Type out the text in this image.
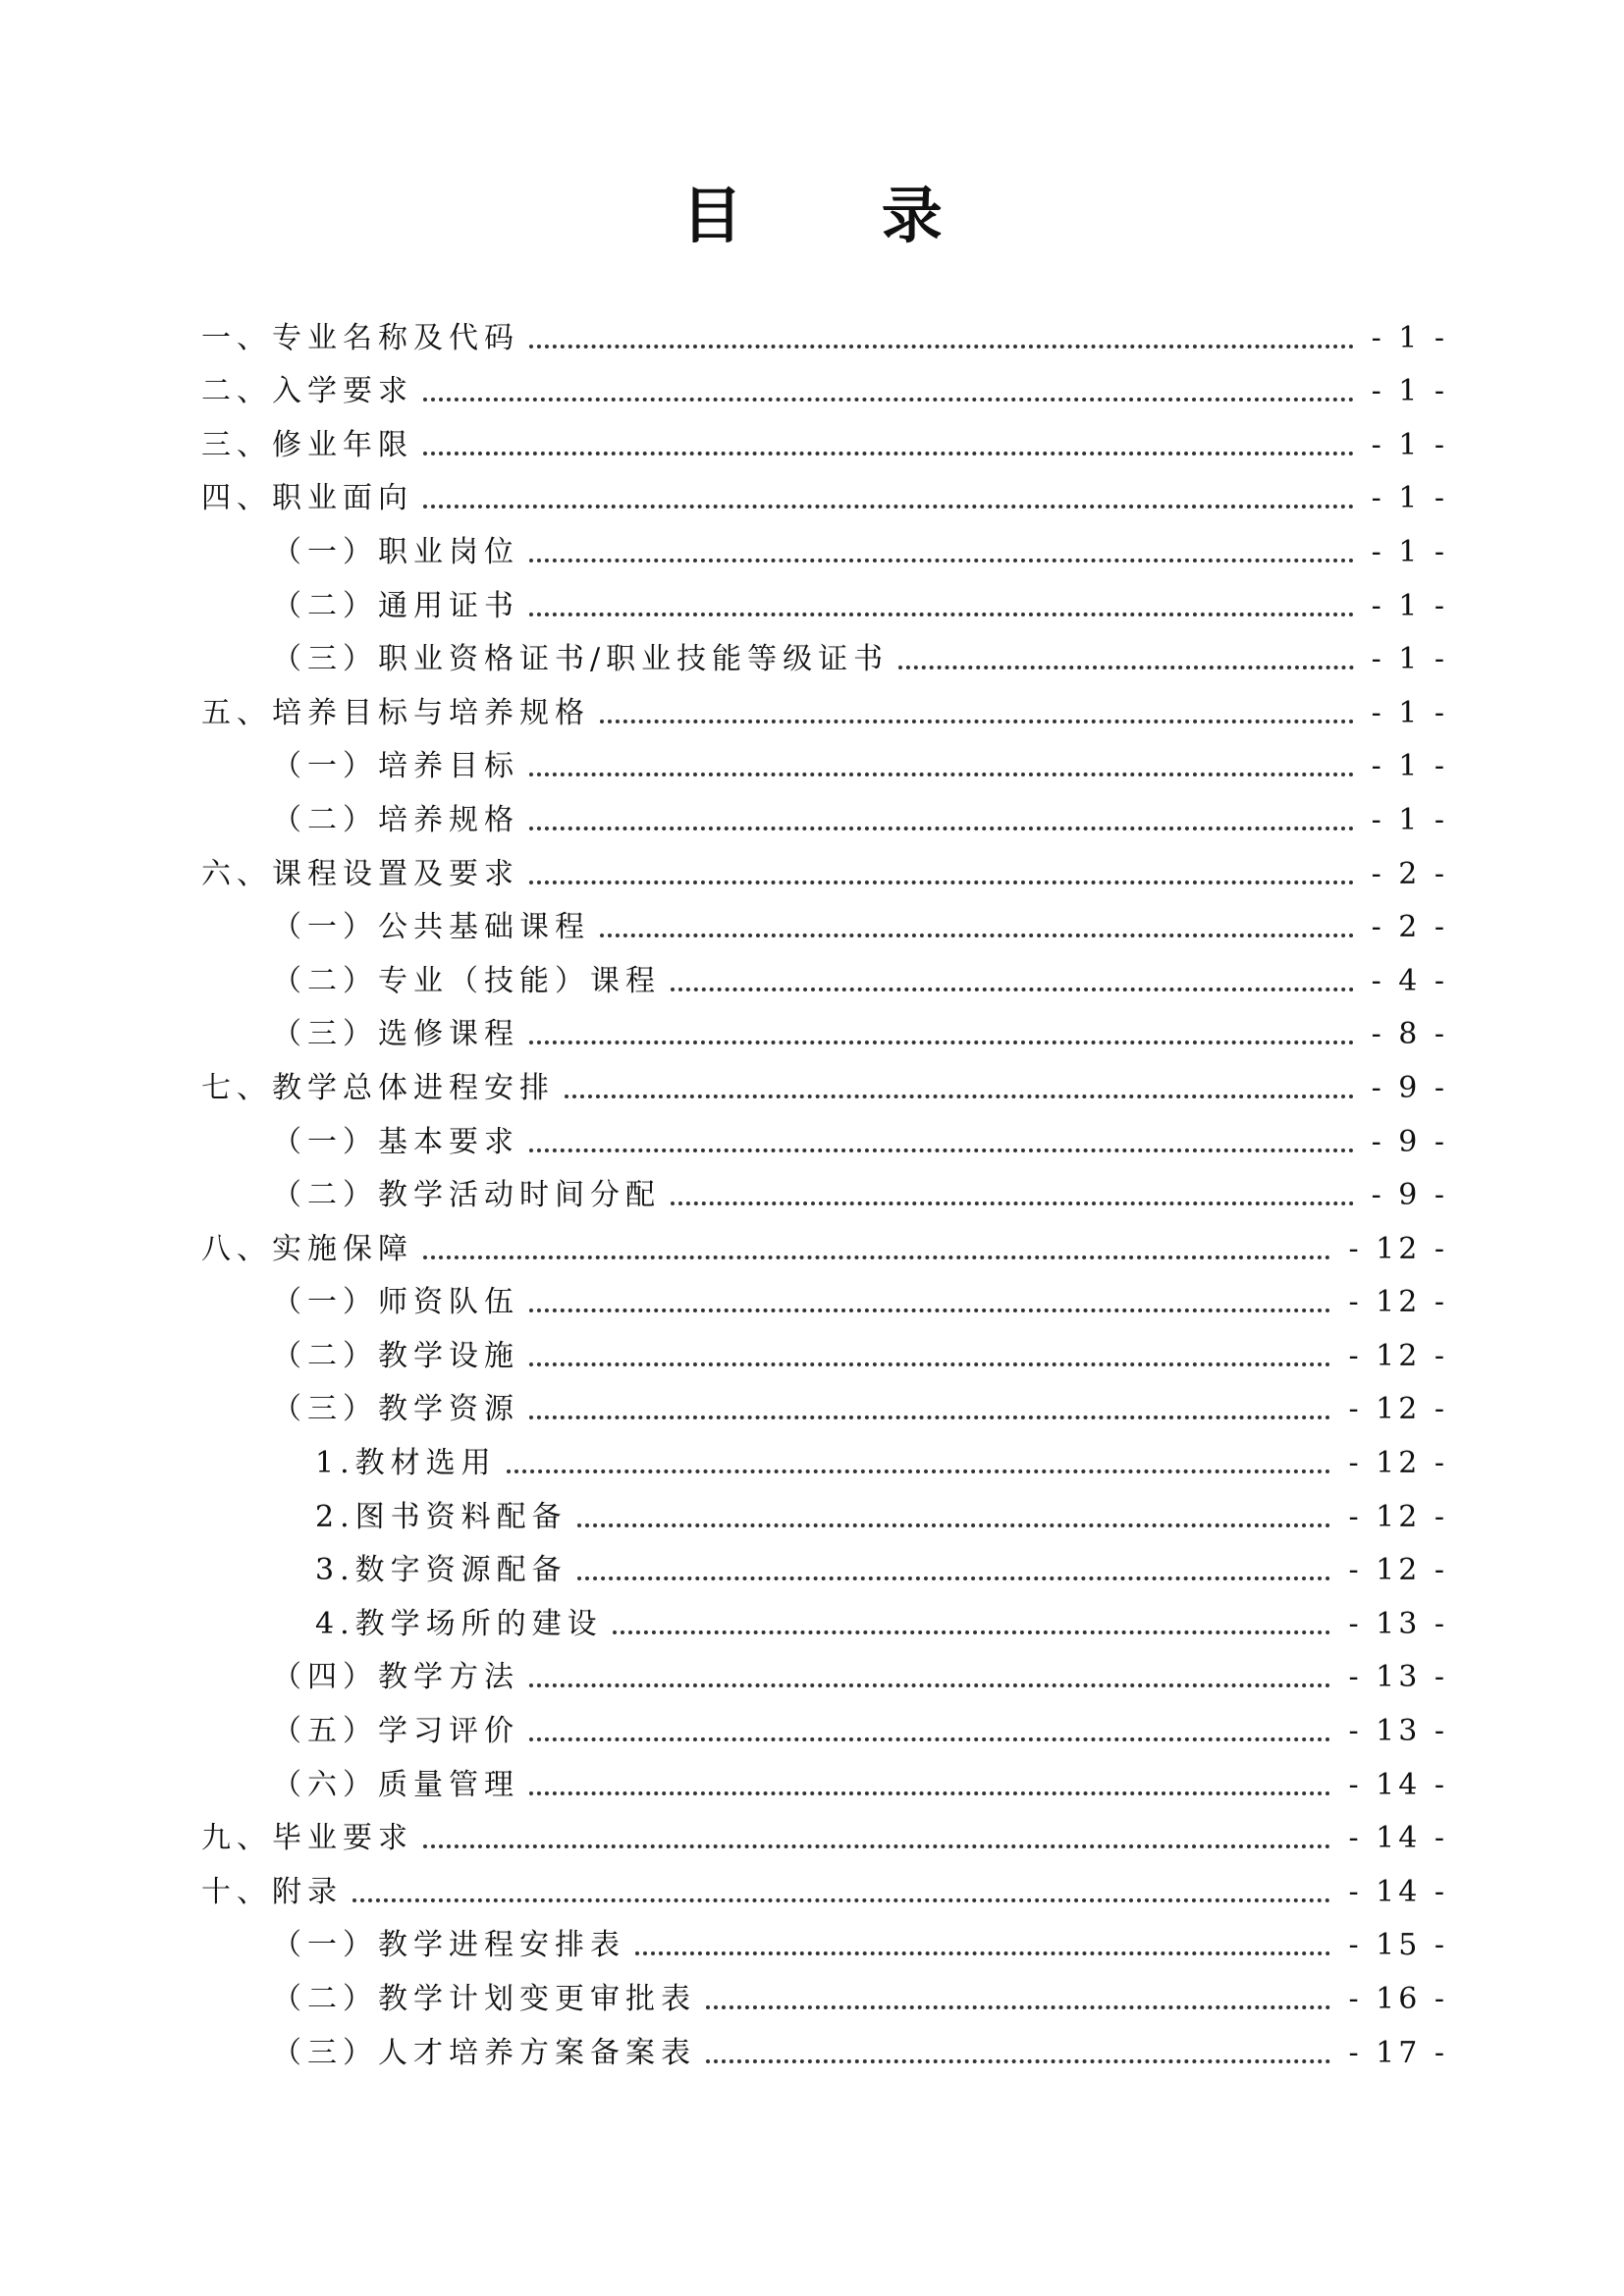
目 录
一、专业名称及代码	- 1 -
二、入学要求	- 1 -
三、修业年限	- 1 -
四、职业面向	- 1 -
（一）职业岗位	- 1 -
（二）通用证书	- 1 -
（三）职业资格证书/职业技能等级证书	- 1 -
五、培养目标与培养规格	- 1 -
（一）培养目标	- 1 -
（二）培养规格	- 1 -
六、课程设置及要求	- 2 -
（一）公共基础课程	- 2 -
（二）专业（技能）课程	- 4 -
（三）选修课程	- 8 -
七、教学总体进程安排	- 9 -
（一）基本要求	- 9 -
（二）教学活动时间分配	- 9 -
八、实施保障	- 12 -
（一）师资队伍	- 12 -
（二）教学设施	- 12 -
（三）教学资源	- 12 -
1.教材选用	- 12 -
2.图书资料配备	- 12 -
3.数字资源配备	- 12 -
4.教学场所的建设	- 13 -
（四）教学方法	- 13 -
（五）学习评价	- 13 -
（六）质量管理	- 14 -
九、毕业要求	- 14 -
十、附录	- 14 -
（一）教学进程安排表	- 15 -
（二）教学计划变更审批表	- 16 -
（三）人才培养方案备案表	- 17 -
